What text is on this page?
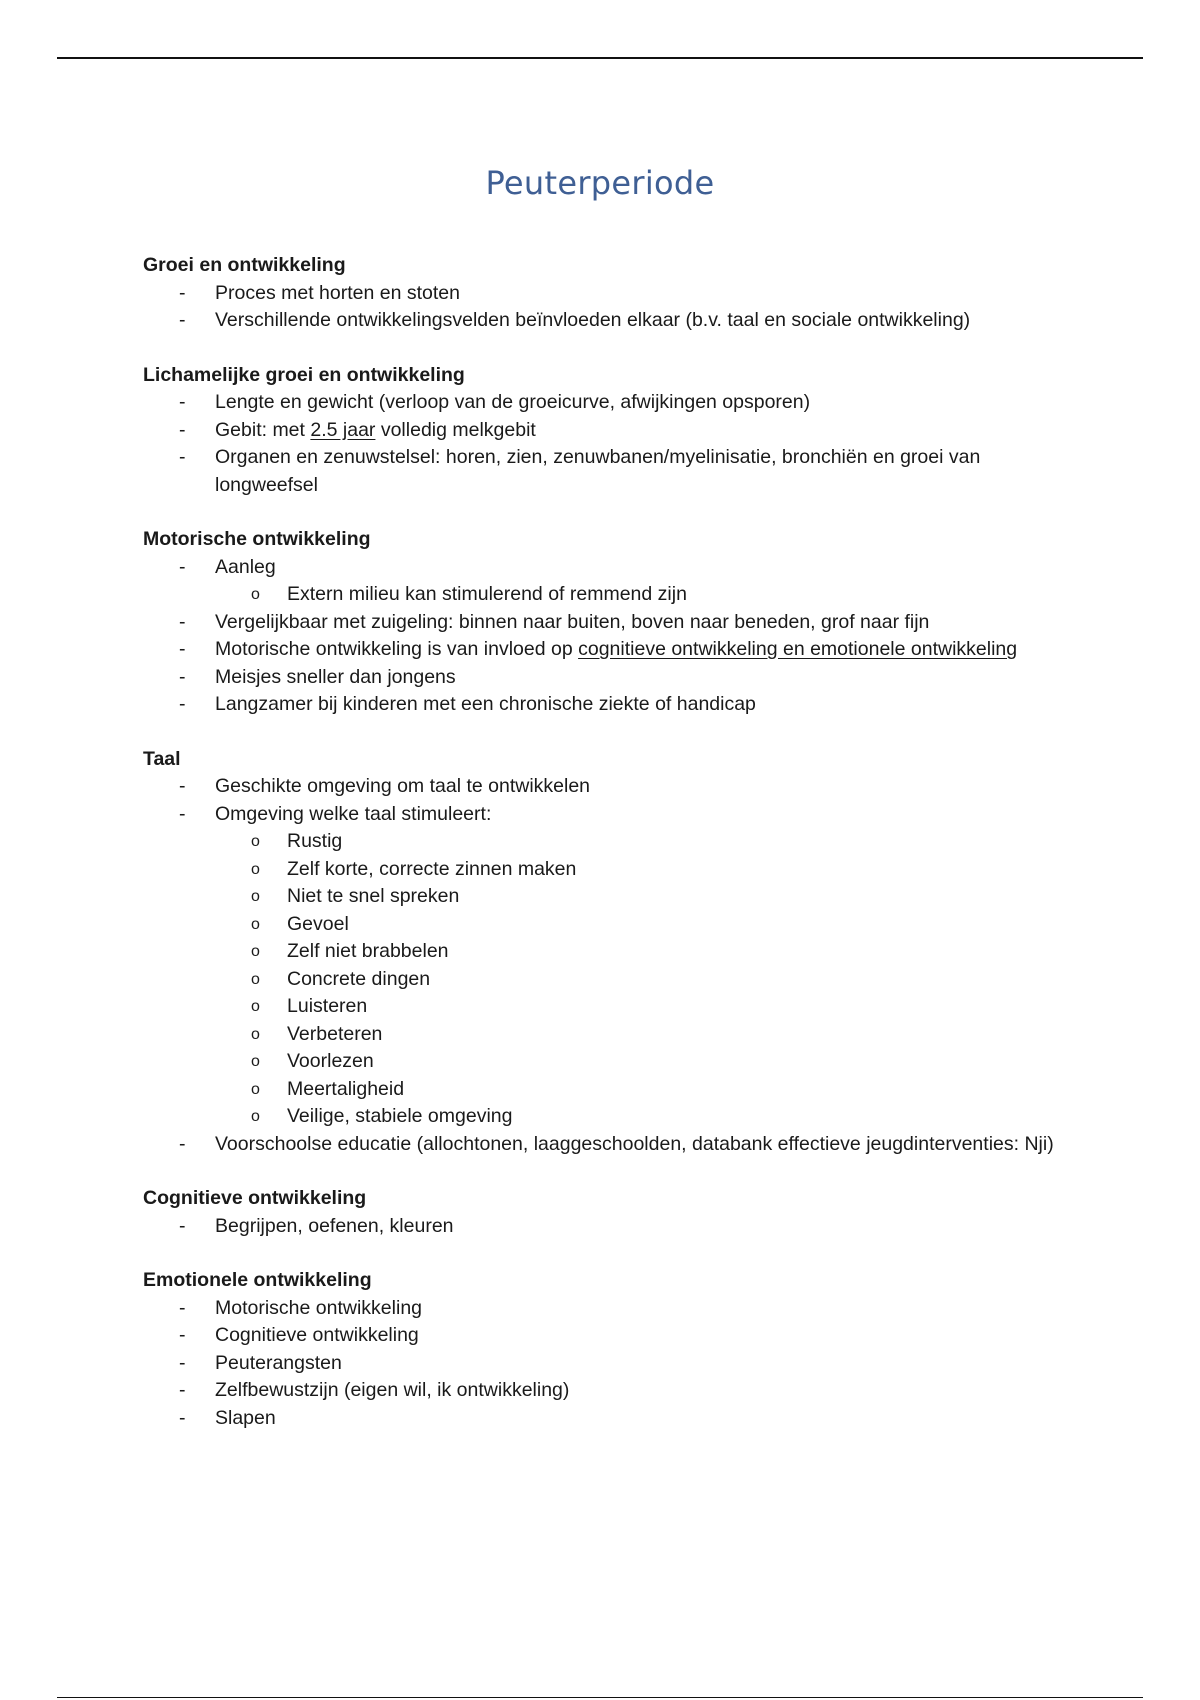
Peuterperiode
Groei en ontwikkeling
- Proces met horten en stoten
- Verschillende ontwikkelingsvelden beïnvloeden elkaar (b.v. taal en sociale ontwikkeling)
Lichamelijke groei en ontwikkeling
- Lengte en gewicht (verloop van de groeicurve, afwijkingen opsporen)
- Gebit: met 2.5 jaar volledig melkgebit
- Organen en zenuwstelsel: horen, zien, zenuwbanen/myelinisatie, bronchiën en groei van longweefsel
Motorische ontwikkeling
- Aanleg
o Extern milieu kan stimulerend of remmend zijn
- Vergelijkbaar met zuigeling: binnen naar buiten, boven naar beneden, grof naar fijn
- Motorische ontwikkeling is van invloed op cognitieve ontwikkeling en emotionele ontwikkeling
- Meisjes sneller dan jongens
- Langzamer bij kinderen met een chronische ziekte of handicap
Taal
- Geschikte omgeving om taal te ontwikkelen
- Omgeving welke taal stimuleert:
o Rustig
o Zelf korte, correcte zinnen maken
o Niet te snel spreken
o Gevoel
o Zelf niet brabbelen
o Concrete dingen
o Luisteren
o Verbeteren
o Voorlezen
o Meertaligheid
o Veilige, stabiele omgeving
- Voorschoolse educatie (allochtonen, laaggeschoolden, databank effectieve jeugdinterventies: Nji)
Cognitieve ontwikkeling
- Begrijpen, oefenen, kleuren
Emotionele ontwikkeling
- Motorische ontwikkeling
- Cognitieve ontwikkeling
- Peuterangsten
- Zelfbewustzijn (eigen wil, ik ontwikkeling)
- Slapen
